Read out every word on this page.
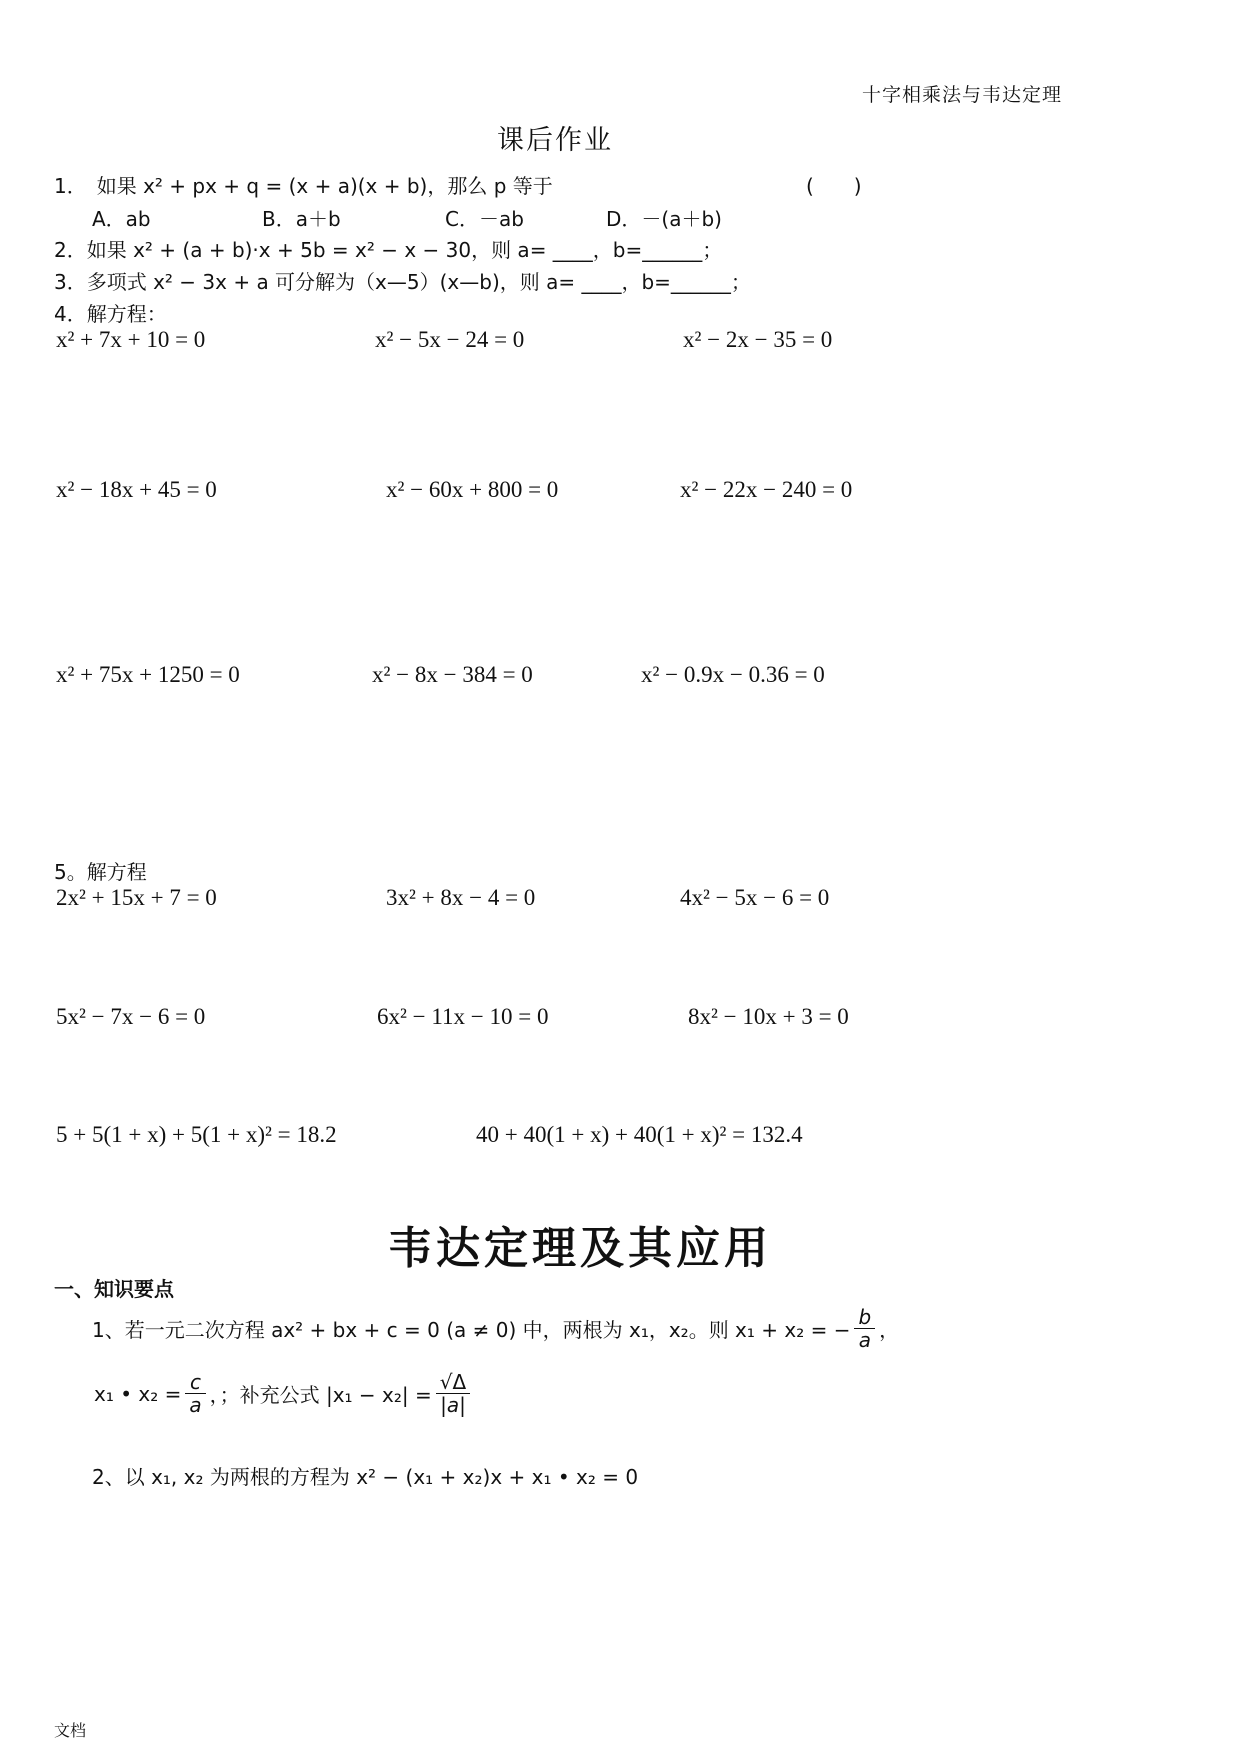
十字相乘法与韦达定理
课后作业
1．　如果 x² + px + q = (x + a)(x + b)，那么 p 等于	(　　)
A．ab	B．a＋b	C．－ab	D．－(a＋b)
2．如果 x² + (a + b)·x + 5b = x² − x − 30，则 a= ____，b=______；
3．多项式 x² − 3x + a 可分解为（x—5）(x—b)，则 a= ____，b=______；
4．解方程：
x² + 7x + 10 = 0	x² − 5x − 24 = 0	x² − 2x − 35 = 0
x² − 18x + 45 = 0	x² − 60x + 800 = 0	x² − 22x − 240 = 0
x² + 75x + 1250 = 0	x² − 8x − 384 = 0	x² − 0.9x − 0.36 = 0
5。解方程
2x² + 15x + 7 = 0	3x² + 8x − 4 = 0	4x² − 5x − 6 = 0
5x² − 7x − 6 = 0	6x² − 11x − 10 = 0	8x² − 10x + 3 = 0
5 + 5(1 + x) + 5(1 + x)² = 18.2	40 + 40(1 + x) + 40(1 + x)² = 132.4
韦达定理及其应用
一、知识要点
1、若一元二次方程 ax² + bx + c = 0 (a ≠ 0) 中，两根为 x₁，x₂。则 x₁ + x₂ = − $\frac{b}{a}$ ，
x₁ • $x_2 = \frac{c}{a}$ ，；补充公式 $|x_1 - x_2| = \frac{√\Delta}{|a|}$
2、以 x₁, x₂ 为两根的方程为 x² − (x₁ + x₂)x + x₁ • x₂ = 0
文档
